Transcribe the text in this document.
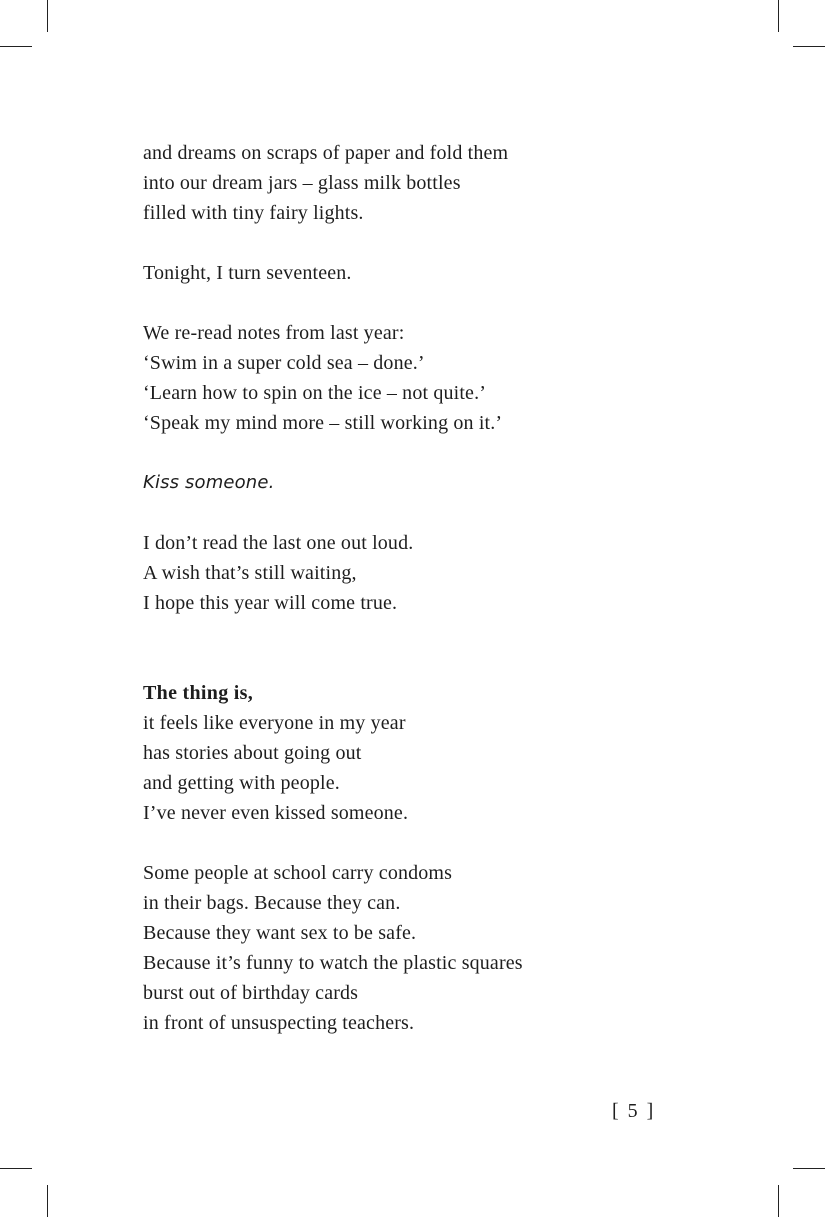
and dreams on scraps of paper and fold them
into our dream jars – glass milk bottles
filled with tiny fairy lights.
Tonight, I turn seventeen.
We re-read notes from last year:
‘Swim in a super cold sea – done.’
‘Learn how to spin on the ice – not quite.’
‘Speak my mind more – still working on it.’
Kiss someone.
I don’t read the last one out loud.
A wish that’s still waiting,
I hope this year will come true.
The thing is,
it feels like everyone in my year
has stories about going out
and getting with people.
I’ve never even kissed someone.
Some people at school carry condoms
in their bags. Because they can.
Because they want sex to be safe.
Because it’s funny to watch the plastic squares
burst out of birthday cards
in front of unsuspecting teachers.
[ 5 ]
